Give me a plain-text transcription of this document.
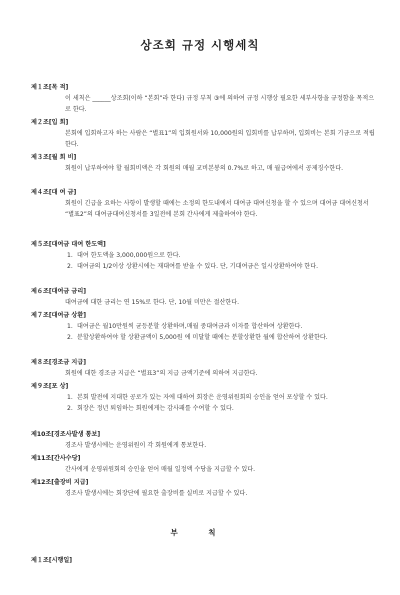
상조회 규정 시행세칙
제１조[목 적]
이 세칙은 ______상조회(이하 “본회”라 한다) 규정 부칙 ③에 의하여 규정 시행상 필요한 세부사항을 규정함을 목적으로 한다.
제２조[입 회]
본회에 입회하고자 하는 사람은 “별표1”의 입회원서와 10,000원의 입회비를 납부하며, 입회비는 본회 기금으로 적립한다.
제３조[월 회 비]
회원이 납부하여야 할 월회비액은 각 회원의 매월 교비본봉의 0.7%로 하고, 매 월급여에서 공제징수한다.
제４조[대 여 금]
회원이 긴급을 요하는 사항이 발생할 때에는 소정의 한도내에서 대여금 대여신청을 할 수 있으며 대여금 대여신청서 “별표2”의 대여금대여신청서를 3일전에 본회 간사에게 제출하여야 한다.
제５조[대여금 대여 한도액]
1. 대여 한도액을 3,000,000원으로 한다.
2. 대여금의 1/2이상 상환시에는 재대여를 받을 수 있다. 단, 기대여금은 일시상환하여야 한다.
제６조[대여금 금리]
대여금에 대한 금리는 연 15%로 한다. 단, 10월 미만은 절산한다.
제７조[대여금 상환]
1. 대여금은 월10만원씩 균등분할 상환하며,매월 중대여금과 이자를 합산하여 상환한다.
2. 분할상환하여야 할 상환금액이 5,000원 에 미달할 때에는 분할상환한 월에 합산하여 상환한다.
제８조[경조금 지급]
회원에 대한 경조금 지급은 “별표3”의 지급 금액기준에 의하여 지급한다.
제９조[포 상]
1. 본회 발전에 지대한 공로가 있는 자에 대하여 회장은 운영위원회의 승인을 얻어 포상할 수 있다.
2. 회장은 정년 퇴임하는 회원에게는 감사패를 수여할 수 있다.
제10조[경조사발생 통보]
경조사 발생시에는 운영위원이 각 회원에게 통보한다.
제11조[간사수당]
간사에게 운영위원회의 승인을 얻어 매월 일정액 수당을 지급할 수 있다.
제12조[출장비 지급]
경조사 발생시에는 회장단에 필요한 출장비를 실비로 지급할 수 있다.
부 칙
제１조[시행일]
